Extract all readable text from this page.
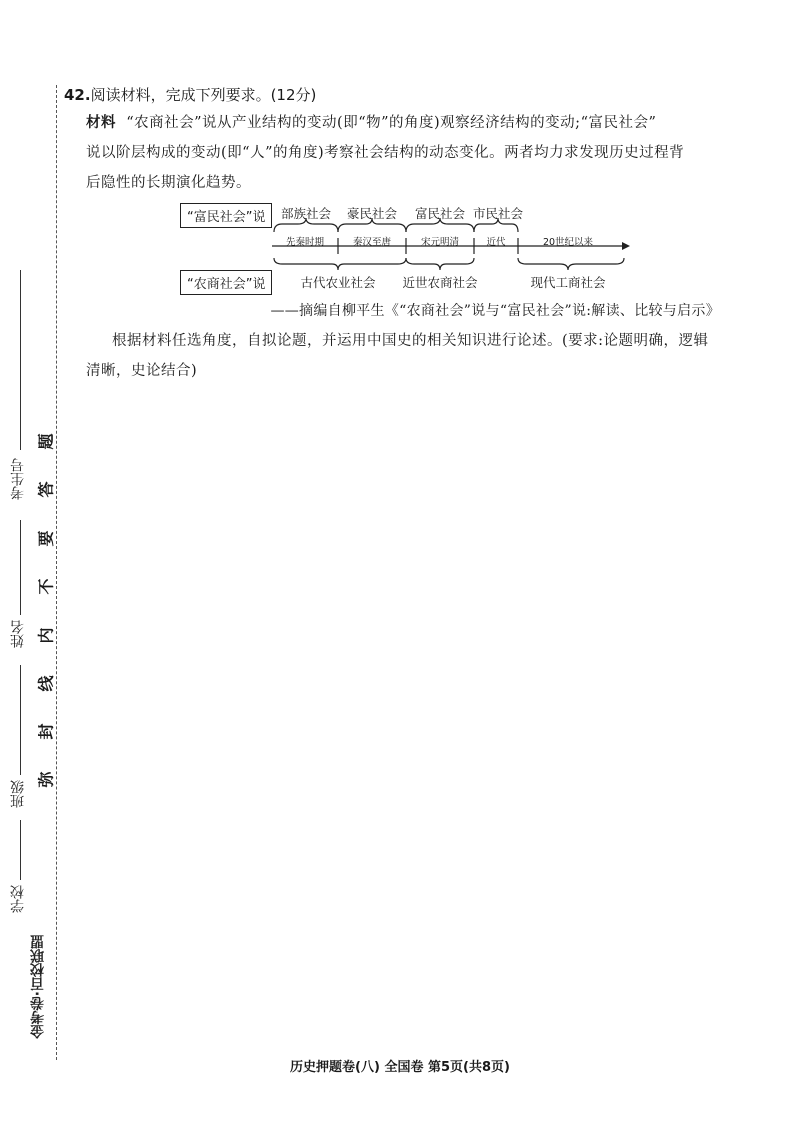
考生号
姓名
班级
学校
金考卷·百校联盟
题
答
要
不
内
线
封
弥
42.阅读材料，完成下列要求。(12分)
材料 “农商社会”说从产业结构的变动(即“物”的角度)观察经济结构的变动;“富民社会”
说以阶层构成的变动(即“人”的角度)考察社会结构的动态变化。两者均力求发现历史过程背
后隐性的长期演化趋势。
“富民社会”说
“农商社会”说
部族社会 豪民社会 富民社会 市民社会
先秦时期	秦汉至唐	宋元明清	近代	20世纪以来
古代农业社会 近世农商社会	现代工商社会
——摘编自柳平生《“农商社会”说与“富民社会”说:解读、比较与启示》
根据材料任选角度，自拟论题，并运用中国史的相关知识进行论述。(要求:论题明确，逻辑
清晰，史论结合)
历史押题卷(八) 全国卷 第5页(共8页)
